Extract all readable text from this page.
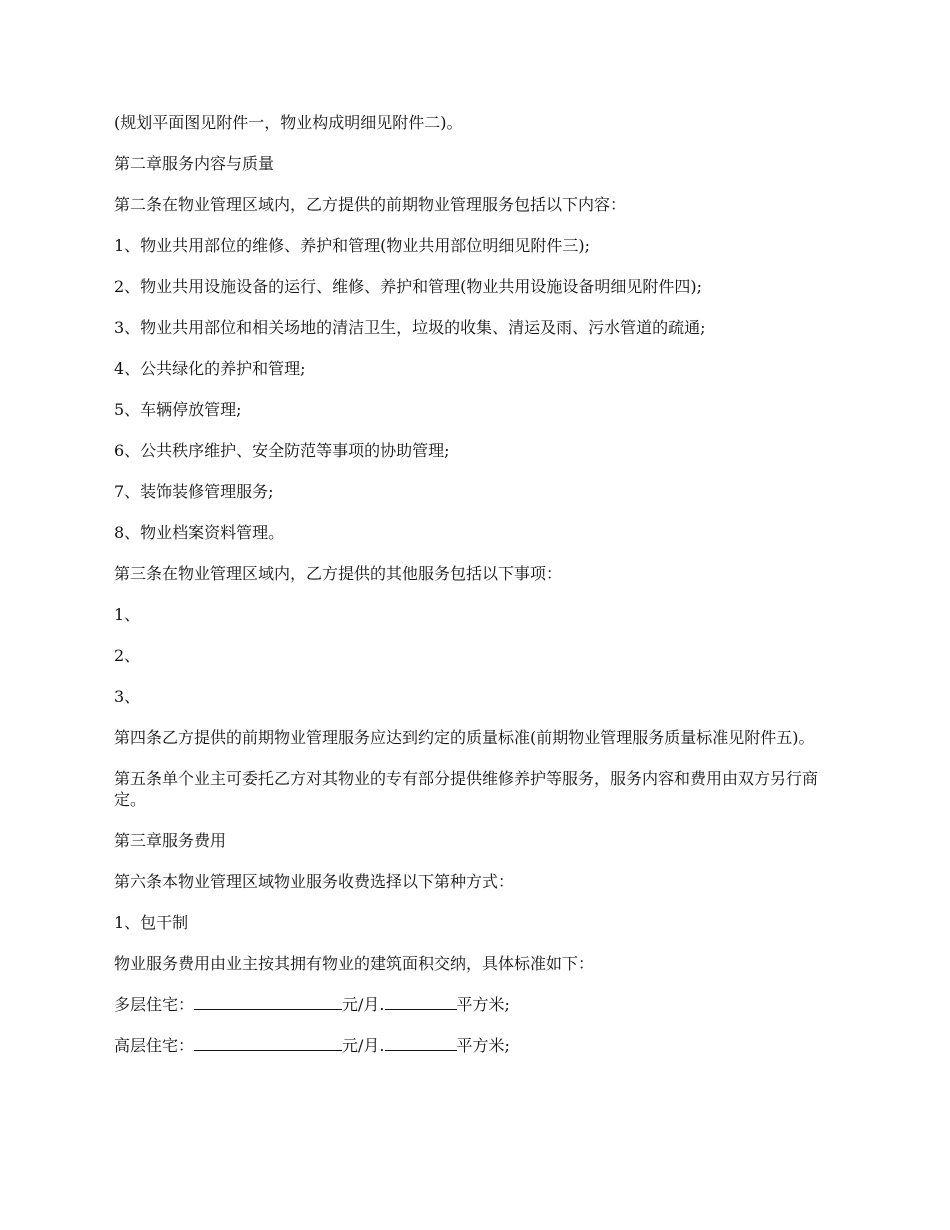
(规划平面图见附件一，物业构成明细见附件二)。

第二章服务内容与质量

第二条在物业管理区域内，乙方提供的前期物业管理服务包括以下内容：

1、物业共用部位的维修、养护和管理(物业共用部位明细见附件三);

2、物业共用设施设备的运行、维修、养护和管理(物业共用设施设备明细见附件四);

3、物业共用部位和相关场地的清洁卫生，垃圾的收集、清运及雨、污水管道的疏通;

4、公共绿化的养护和管理;

5、车辆停放管理;

6、公共秩序维护、安全防范等事项的协助管理;

7、装饰装修管理服务;

8、物业档案资料管理。

第三条在物业管理区域内，乙方提供的其他服务包括以下事项：

1、

2、

3、

第四条乙方提供的前期物业管理服务应达到约定的质量标准(前期物业管理服务质量标准见附件五)。

第五条单个业主可委托乙方对其物业的专有部分提供维修养护等服务，服务内容和费用由双方另行商定。

第三章服务费用

第六条本物业管理区域物业服务收费选择以下第种方式：

1、包干制

物业服务费用由业主按其拥有物业的建筑面积交纳，具体标准如下：

多层住宅：	元/月.	平方米;

高层住宅：	元/月.	平方米;
